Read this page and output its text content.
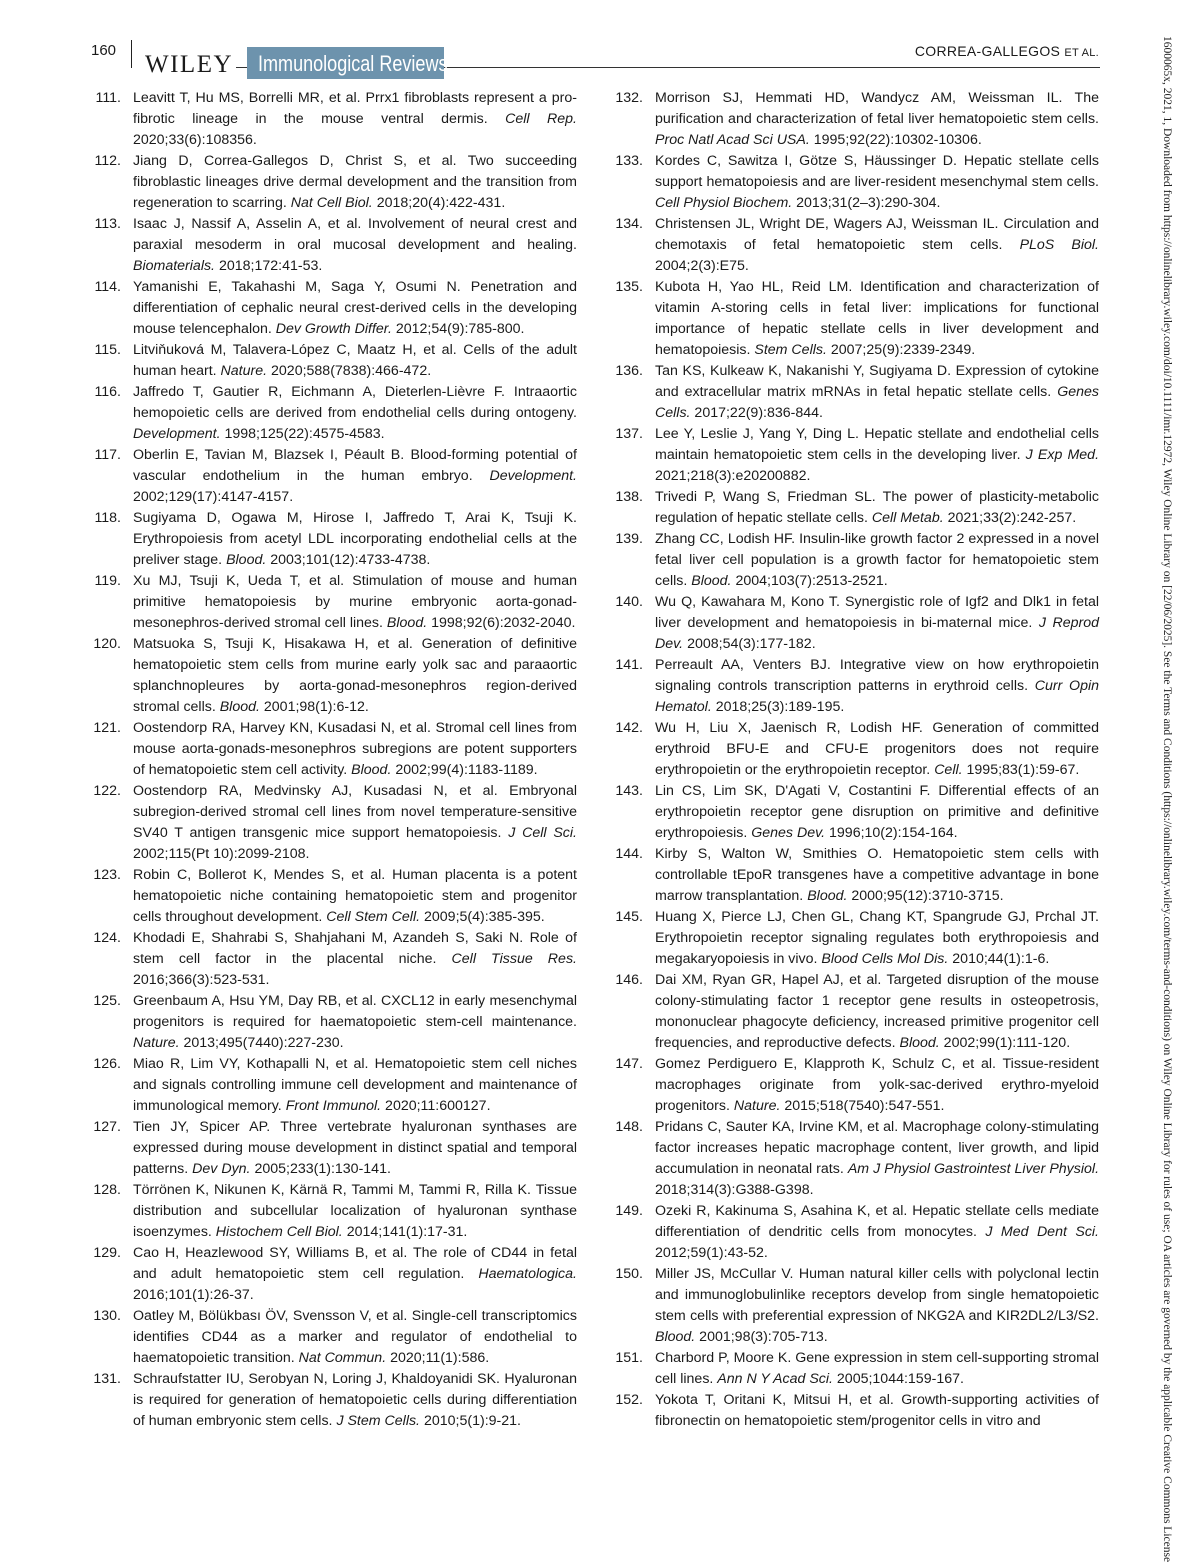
160
WILEY Immunological Reviews	CORREA-GALLEGOS ET AL.
111. Leavitt T, Hu MS, Borrelli MR, et al. Prrx1 fibroblasts represent a pro-fibrotic lineage in the mouse ventral dermis. Cell Rep. 2020;33(6):108356.
112. Jiang D, Correa-Gallegos D, Christ S, et al. Two succeeding fibroblastic lineages drive dermal development and the transition from regeneration to scarring. Nat Cell Biol. 2018;20(4):422-431.
113. Isaac J, Nassif A, Asselin A, et al. Involvement of neural crest and paraxial mesoderm in oral mucosal development and healing. Biomaterials. 2018;172:41-53.
114. Yamanishi E, Takahashi M, Saga Y, Osumi N. Penetration and differentiation of cephalic neural crest-derived cells in the developing mouse telencephalon. Dev Growth Differ. 2012;54(9):785-800.
115. Litviňuková M, Talavera-López C, Maatz H, et al. Cells of the adult human heart. Nature. 2020;588(7838):466-472.
116. Jaffredo T, Gautier R, Eichmann A, Dieterlen-Lièvre F. Intraaortic hemopoietic cells are derived from endothelial cells during ontogeny. Development. 1998;125(22):4575-4583.
117. Oberlin E, Tavian M, Blazsek I, Péault B. Blood-forming potential of vascular endothelium in the human embryo. Development. 2002;129(17):4147-4157.
118. Sugiyama D, Ogawa M, Hirose I, Jaffredo T, Arai K, Tsuji K. Erythropoiesis from acetyl LDL incorporating endothelial cells at the preliver stage. Blood. 2003;101(12):4733-4738.
119. Xu MJ, Tsuji K, Ueda T, et al. Stimulation of mouse and human primitive hematopoiesis by murine embryonic aorta-gonad-mesonephros-derived stromal cell lines. Blood. 1998;92(6):2032-2040.
120. Matsuoka S, Tsuji K, Hisakawa H, et al. Generation of definitive hematopoietic stem cells from murine early yolk sac and paraaortic splanchnopleures by aorta-gonad-mesonephros region-derived stromal cells. Blood. 2001;98(1):6-12.
121. Oostendorp RA, Harvey KN, Kusadasi N, et al. Stromal cell lines from mouse aorta-gonads-mesonephros subregions are potent supporters of hematopoietic stem cell activity. Blood. 2002;99(4):1183-1189.
122. Oostendorp RA, Medvinsky AJ, Kusadasi N, et al. Embryonal subregion-derived stromal cell lines from novel temperature-sensitive SV40 T antigen transgenic mice support hematopoiesis. J Cell Sci. 2002;115(Pt 10):2099-2108.
123. Robin C, Bollerot K, Mendes S, et al. Human placenta is a potent hematopoietic niche containing hematopoietic stem and progenitor cells throughout development. Cell Stem Cell. 2009;5(4):385-395.
124. Khodadi E, Shahrabi S, Shahjahani M, Azandeh S, Saki N. Role of stem cell factor in the placental niche. Cell Tissue Res. 2016;366(3):523-531.
125. Greenbaum A, Hsu YM, Day RB, et al. CXCL12 in early mesenchymal progenitors is required for haematopoietic stem-cell maintenance. Nature. 2013;495(7440):227-230.
126. Miao R, Lim VY, Kothapalli N, et al. Hematopoietic stem cell niches and signals controlling immune cell development and maintenance of immunological memory. Front Immunol. 2020;11:600127.
127. Tien JY, Spicer AP. Three vertebrate hyaluronan synthases are expressed during mouse development in distinct spatial and temporal patterns. Dev Dyn. 2005;233(1):130-141.
128. Törrönen K, Nikunen K, Kärnä R, Tammi M, Tammi R, Rilla K. Tissue distribution and subcellular localization of hyaluronan synthase isoenzymes. Histochem Cell Biol. 2014;141(1):17-31.
129. Cao H, Heazlewood SY, Williams B, et al. The role of CD44 in fetal and adult hematopoietic stem cell regulation. Haematologica. 2016;101(1):26-37.
130. Oatley M, Bölükbası ÖV, Svensson V, et al. Single-cell transcriptomics identifies CD44 as a marker and regulator of endothelial to haematopoietic transition. Nat Commun. 2020;11(1):586.
131. Schraufstatter IU, Serobyan N, Loring J, Khaldoyanidi SK. Hyaluronan is required for generation of hematopoietic cells during differentiation of human embryonic stem cells. J Stem Cells. 2010;5(1):9-21.
132. Morrison SJ, Hemmati HD, Wandycz AM, Weissman IL. The purification and characterization of fetal liver hematopoietic stem cells. Proc Natl Acad Sci USA. 1995;92(22):10302-10306.
133. Kordes C, Sawitza I, Götze S, Häussinger D. Hepatic stellate cells support hematopoiesis and are liver-resident mesenchymal stem cells. Cell Physiol Biochem. 2013;31(2–3):290-304.
134. Christensen JL, Wright DE, Wagers AJ, Weissman IL. Circulation and chemotaxis of fetal hematopoietic stem cells. PLoS Biol. 2004;2(3):E75.
135. Kubota H, Yao HL, Reid LM. Identification and characterization of vitamin A-storing cells in fetal liver: implications for functional importance of hepatic stellate cells in liver development and hematopoiesis. Stem Cells. 2007;25(9):2339-2349.
136. Tan KS, Kulkeaw K, Nakanishi Y, Sugiyama D. Expression of cytokine and extracellular matrix mRNAs in fetal hepatic stellate cells. Genes Cells. 2017;22(9):836-844.
137. Lee Y, Leslie J, Yang Y, Ding L. Hepatic stellate and endothelial cells maintain hematopoietic stem cells in the developing liver. J Exp Med. 2021;218(3):e20200882.
138. Trivedi P, Wang S, Friedman SL. The power of plasticity-metabolic regulation of hepatic stellate cells. Cell Metab. 2021;33(2):242-257.
139. Zhang CC, Lodish HF. Insulin-like growth factor 2 expressed in a novel fetal liver cell population is a growth factor for hematopoietic stem cells. Blood. 2004;103(7):2513-2521.
140. Wu Q, Kawahara M, Kono T. Synergistic role of Igf2 and Dlk1 in fetal liver development and hematopoiesis in bi-maternal mice. J Reprod Dev. 2008;54(3):177-182.
141. Perreault AA, Venters BJ. Integrative view on how erythropoietin signaling controls transcription patterns in erythroid cells. Curr Opin Hematol. 2018;25(3):189-195.
142. Wu H, Liu X, Jaenisch R, Lodish HF. Generation of committed erythroid BFU-E and CFU-E progenitors does not require erythropoietin or the erythropoietin receptor. Cell. 1995;83(1):59-67.
143. Lin CS, Lim SK, D'Agati V, Costantini F. Differential effects of an erythropoietin receptor gene disruption on primitive and definitive erythropoiesis. Genes Dev. 1996;10(2):154-164.
144. Kirby S, Walton W, Smithies O. Hematopoietic stem cells with controllable tEpoR transgenes have a competitive advantage in bone marrow transplantation. Blood. 2000;95(12):3710-3715.
145. Huang X, Pierce LJ, Chen GL, Chang KT, Spangrude GJ, Prchal JT. Erythropoietin receptor signaling regulates both erythropoiesis and megakaryopoiesis in vivo. Blood Cells Mol Dis. 2010;44(1):1-6.
146. Dai XM, Ryan GR, Hapel AJ, et al. Targeted disruption of the mouse colony-stimulating factor 1 receptor gene results in osteopetrosis, mononuclear phagocyte deficiency, increased primitive progenitor cell frequencies, and reproductive defects. Blood. 2002;99(1):111-120.
147. Gomez Perdiguero E, Klapproth K, Schulz C, et al. Tissue-resident macrophages originate from yolk-sac-derived erythro-myeloid progenitors. Nature. 2015;518(7540):547-551.
148. Pridans C, Sauter KA, Irvine KM, et al. Macrophage colony-stimulating factor increases hepatic macrophage content, liver growth, and lipid accumulation in neonatal rats. Am J Physiol Gastrointest Liver Physiol. 2018;314(3):G388-G398.
149. Ozeki R, Kakinuma S, Asahina K, et al. Hepatic stellate cells mediate differentiation of dendritic cells from monocytes. J Med Dent Sci. 2012;59(1):43-52.
150. Miller JS, McCullar V. Human natural killer cells with polyclonal lectin and immunoglobulinlike receptors develop from single hematopoietic stem cells with preferential expression of NKG2A and KIR2DL2/L3/S2. Blood. 2001;98(3):705-713.
151. Charbord P, Moore K. Gene expression in stem cell-supporting stromal cell lines. Ann N Y Acad Sci. 2005;1044:159-167.
152. Yokota T, Oritani K, Mitsui H, et al. Growth-supporting activities of fibronectin on hematopoietic stem/progenitor cells in vitro and	1600065x, 2021, 1, Downloaded from https://onlinelibrary.wiley.com/doi/10.1111/imr.12972, Wiley Online Library on [22/06/2025]. See the Terms and Conditions (https://onlinelibrary.wiley.com/terms-and-conditions) on Wiley Online Library for rules of use; OA articles are governed by the applicable Creative Commons License
